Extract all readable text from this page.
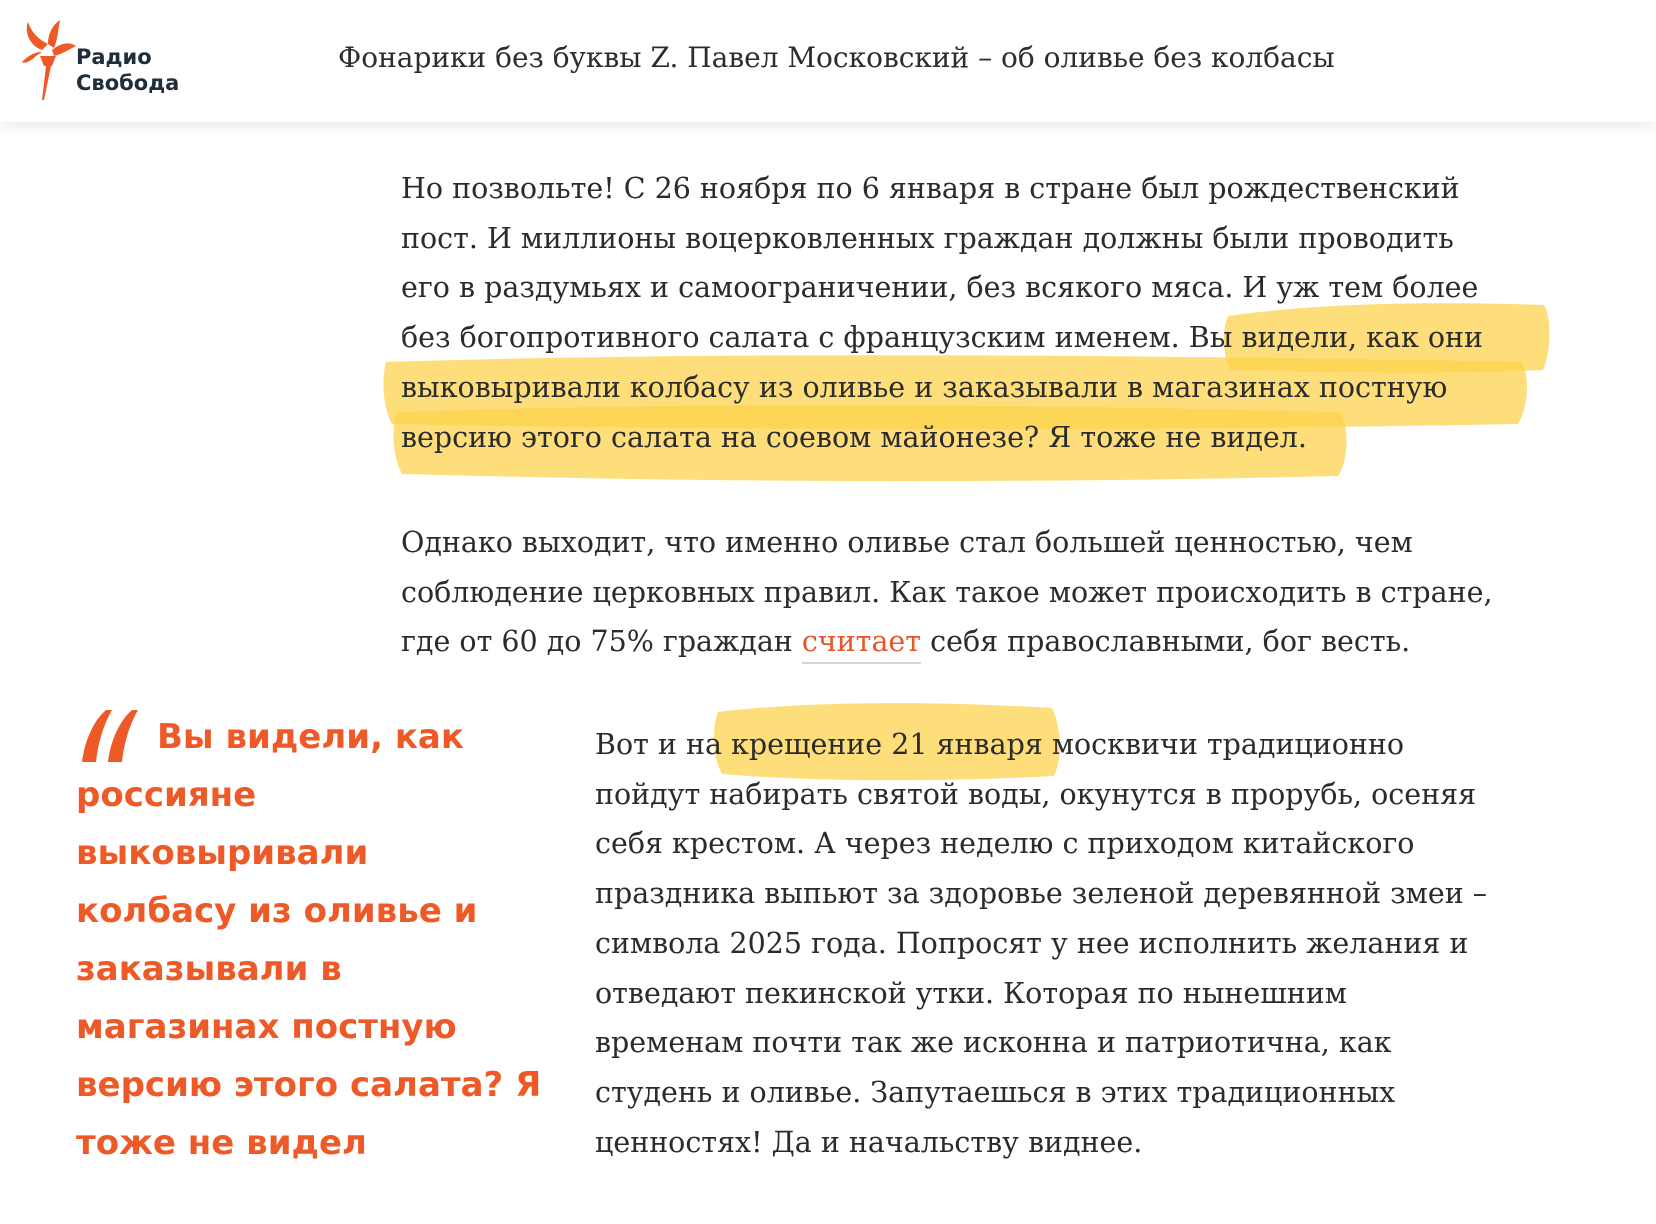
Радио
Свобода
Фонарики без буквы Z. Павел Московский – об оливье без колбасы
Но позвольте! С 26 ноября по 6 января в стране был рождественский
пост. И миллионы воцерковленных граждан должны были проводить
его в раздумьях и самоограничении, без всякого мяса. И уж тем более
без богопротивного салата с французским именем. Вы видели, как они
выковыривали колбасу из оливье и заказывали в магазинах постную
версию этого салата на соевом майонезе? Я тоже не видел.
Однако выходит, что именно оливье стал большей ценностью, чем
соблюдение церковных правил. Как такое может происходить в стране,
где от 60 до 75% граждан считает себя православными, бог весть.
Вы видели, как
россияне
выковыривали
колбасу из оливье и
заказывали в
магазинах постную
версию этого салата? Я
тоже не видел
Вот и на крещение 21 января москвичи традиционно
пойдут набирать святой воды, окунутся в прорубь, осеняя
себя крестом. А через неделю с приходом китайского
праздника выпьют за здоровье зеленой деревянной змеи –
символа 2025 года. Попросят у нее исполнить желания и
отведают пекинской утки. Которая по нынешним
временам почти так же исконна и патриотична, как
студень и оливье. Запутаешься в этих традиционных
ценностях! Да и начальству виднее.
